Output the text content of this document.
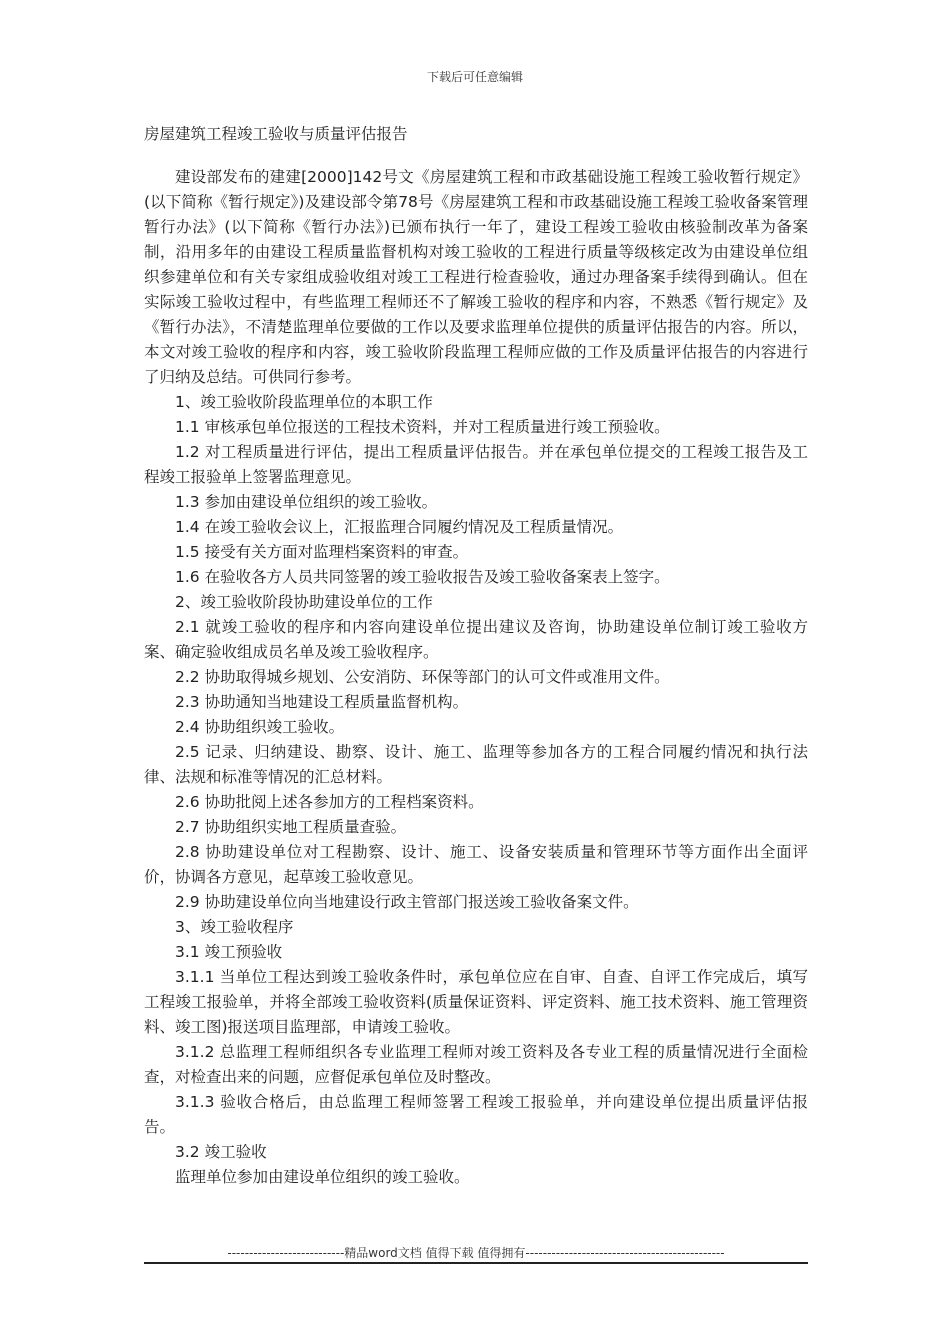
下载后可任意编辑
房屋建筑工程竣工验收与质量评估报告

建设部发布的建建[2000]142号文《房屋建筑工程和市政基础设施工程竣工验收暂行规定》(以下简称《暂行规定》)及建设部令第78号《房屋建筑工程和市政基础设施工程竣工验收备案管理暂行办法》(以下简称《暂行办法》)已颁布执行一年了，建设工程竣工验收由核验制改革为备案制，沿用多年的由建设工程质量监督机构对竣工验收的工程进行质量等级核定改为由建设单位组织参建单位和有关专家组成验收组对竣工工程进行检查验收，通过办理备案手续得到确认。但在实际竣工验收过程中，有些监理工程师还不了解竣工验收的程序和内容，不熟悉《暂行规定》及《暂行办法》，不清楚监理单位要做的工作以及要求监理单位提供的质量评估报告的内容。所以，本文对竣工验收的程序和内容，竣工验收阶段监理工程师应做的工作及质量评估报告的内容进行了归纳及总结。可供同行参考。

1、竣工验收阶段监理单位的本职工作

1.1 审核承包单位报送的工程技术资料，并对工程质量进行竣工预验收。

1.2 对工程质量进行评估，提出工程质量评估报告。并在承包单位提交的工程竣工报告及工程竣工报验单上签署监理意见。

1.3 参加由建设单位组织的竣工验收。

1.4 在竣工验收会议上，汇报监理合同履约情况及工程质量情况。

1.5 接受有关方面对监理档案资料的审查。

1.6 在验收各方人员共同签署的竣工验收报告及竣工验收备案表上签字。

2、竣工验收阶段协助建设单位的工作

2.1 就竣工验收的程序和内容向建设单位提出建议及咨询，协助建设单位制订竣工验收方案、确定验收组成员名单及竣工验收程序。

2.2 协助取得城乡规划、公安消防、环保等部门的认可文件或准用文件。

2.3 协助通知当地建设工程质量监督机构。

2.4 协助组织竣工验收。

2.5 记录、归纳建设、勘察、设计、施工、监理等参加各方的工程合同履约情况和执行法律、法规和标准等情况的汇总材料。

2.6 协助批阅上述各参加方的工程档案资料。

2.7 协助组织实地工程质量查验。

2.8 协助建设单位对工程勘察、设计、施工、设备安装质量和管理环节等方面作出全面评价，协调各方意见，起草竣工验收意见。

2.9 协助建设单位向当地建设行政主管部门报送竣工验收备案文件。

3、竣工验收程序

3.1 竣工预验收

3.1.1 当单位工程达到竣工验收条件时，承包单位应在自审、自查、自评工作完成后，填写工程竣工报验单，并将全部竣工验收资料(质量保证资料、评定资料、施工技术资料、施工管理资料、竣工图)报送项目监理部，申请竣工验收。

3.1.2 总监理工程师组织各专业监理工程师对竣工资料及各专业工程的质量情况进行全面检查，对检查出来的问题，应督促承包单位及时整改。

3.1.3 验收合格后，由总监理工程师签署工程竣工报验单，并向建设单位提出质量评估报告。

3.2 竣工验收

监理单位参加由建设单位组织的竣工验收。

---------------------------精品word文档 值得下载 值得拥有----------------------------------------------
